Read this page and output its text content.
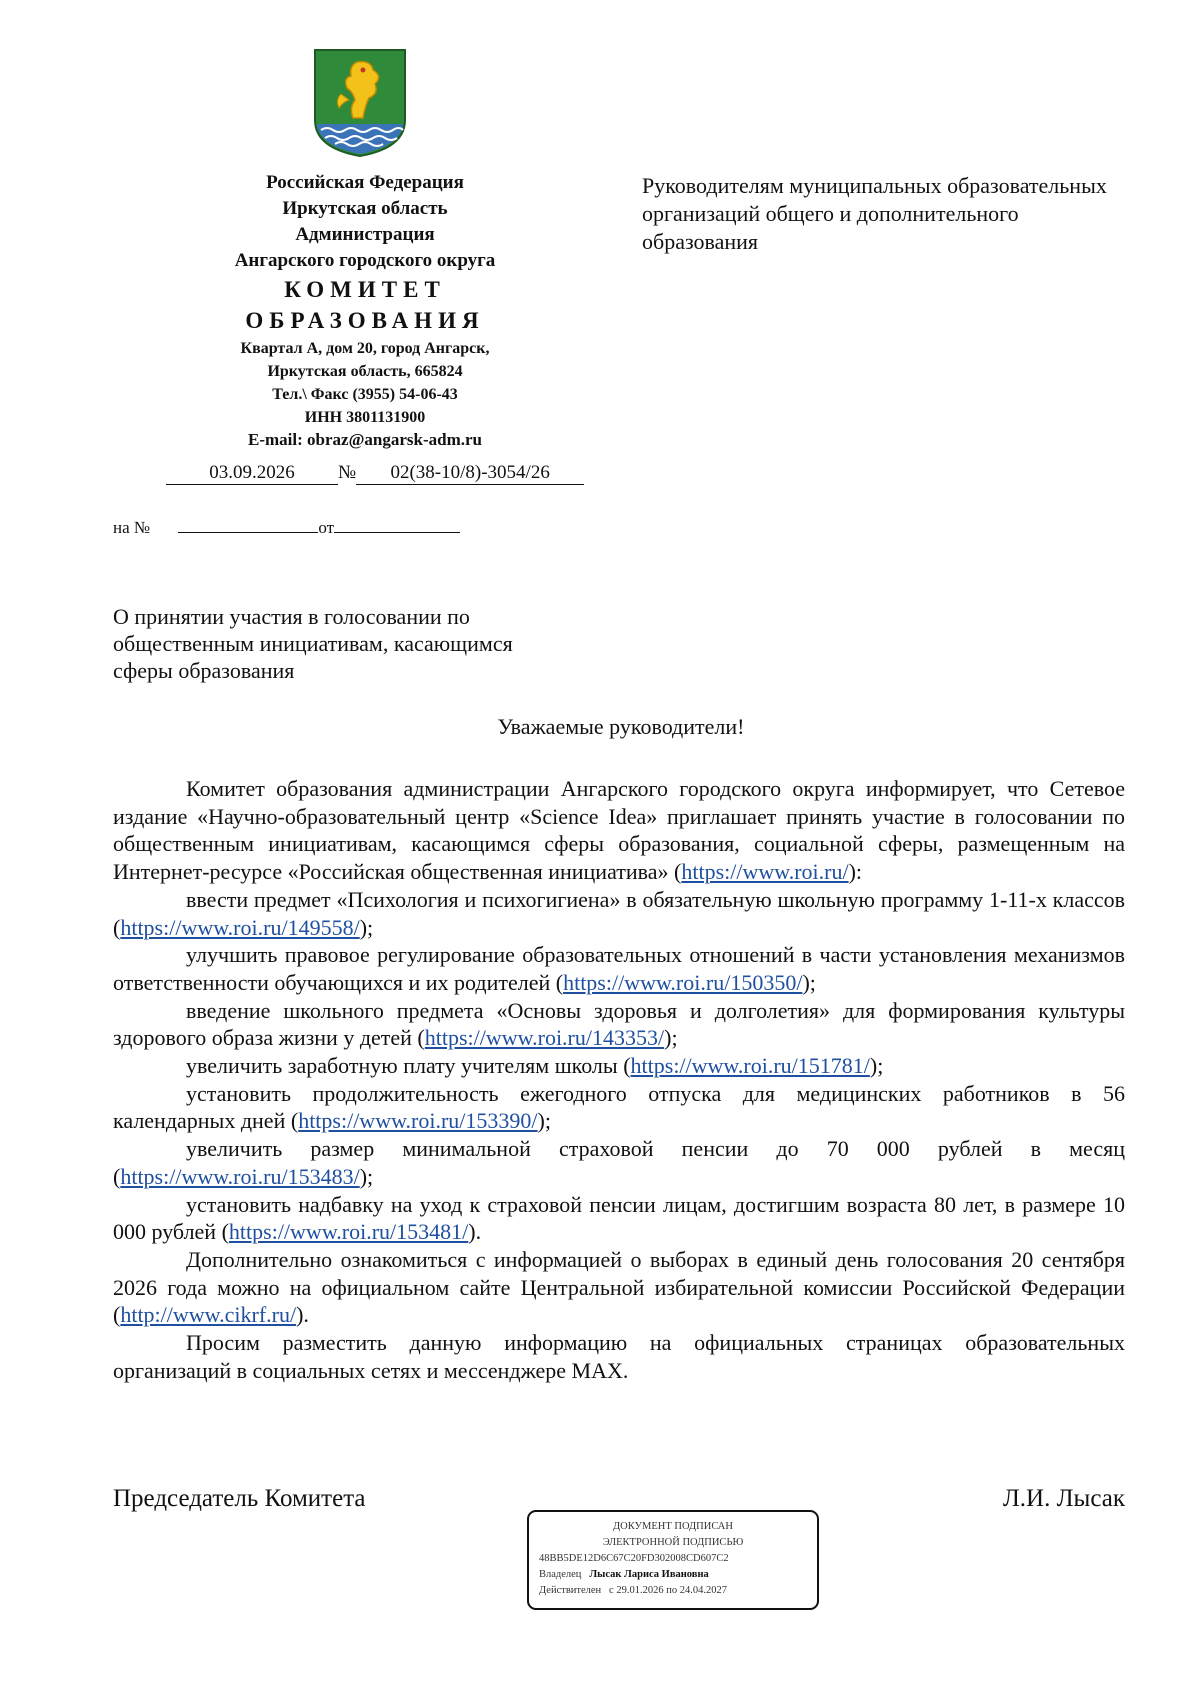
Российская Федерация
Иркутская область
Администрация
Ангарского городского округа
КОМИТЕТ
ОБРАЗОВАНИЯ
Квартал А, дом 20, город Ангарск,
Иркутская область, 665824
Тел.\ Факс (3955) 54-06-43
ИНН 3801131900
E-mail: obraz@angarsk-adm.ru
Руководителям муниципальных образовательных организаций общего и дополнительного образования
03.09.2026 № 02(38-10/8)-3054/26
на №	от
О принятии участия в голосовании по общественным инициативам, касающимся сферы образования
Уважаемые руководители!

Комитет образования администрации Ангарского городского округа информирует, что Сетевое издание «Научно-образовательный центр «Science Idea» приглашает принять участие в голосовании по общественным инициативам, касающимся сферы образования, социальной сферы, размещенным на Интернет-ресурсе «Российская общественная инициатива» (https://www.roi.ru/):

ввести предмет «Психология и психогигиена» в обязательную школьную программу 1-11-х классов (https://www.roi.ru/149558/);

улучшить правовое регулирование образовательных отношений в части установления механизмов ответственности обучающихся и их родителей (https://www.roi.ru/150350/);

введение школьного предмета «Основы здоровья и долголетия» для формирования культуры здорового образа жизни у детей (https://www.roi.ru/143353/);

увеличить заработную плату учителям школы (https://www.roi.ru/151781/);

установить продолжительность ежегодного отпуска для медицинских работников в 56 календарных дней (https://www.roi.ru/153390/);

увеличить размер минимальной страховой пенсии до 70 000 рублей в месяц (https://www.roi.ru/153483/);

установить надбавку на уход к страховой пенсии лицам, достигшим возраста 80 лет, в размере 10 000 рублей (https://www.roi.ru/153481/).

Дополнительно ознакомиться с информацией о выборах в единый день голосования 20 сентября 2026 года можно на официальном сайте Центральной избирательной комиссии Российской Федерации (http://www.cikrf.ru/).

Просим разместить данную информацию на официальных страницах образовательных организаций в социальных сетях и мессенджере MAX.

Председатель Комитета	Л.И. Лысак
ДОКУМЕНТ ПОДПИСАН
ЭЛЕКТРОННОЙ ПОДПИСЬЮ
48BB5DE12D6C67C20FD302008CD607C2
Владелец Лысак Лариса Ивановна
Действителен с 29.01.2026 по 24.04.2027
